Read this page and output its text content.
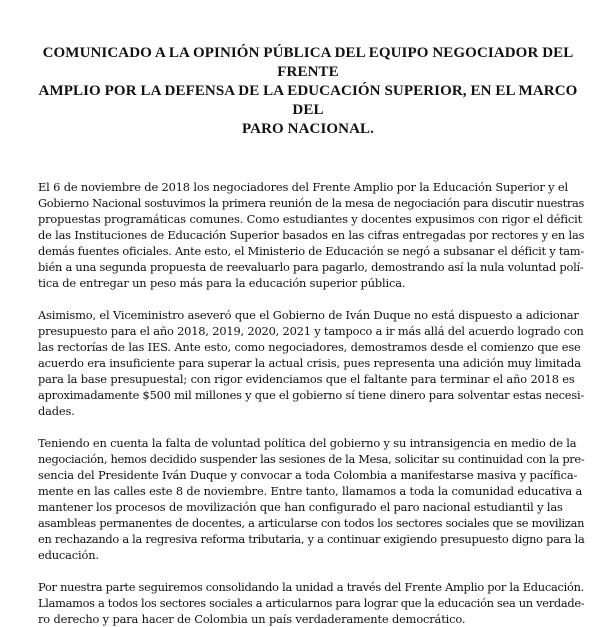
COMUNICADO A LA OPINIÓN PÚBLICA DEL EQUIPO NEGOCIADOR DEL FRENTE
AMPLIO POR LA DEFENSA DE LA EDUCACIÓN SUPERIOR, EN EL MARCO DEL
PARO NACIONAL.
El 6 de noviembre de 2018 los negociadores del Frente Amplio por la Educación Superior y el
Gobierno Nacional sostuvimos la primera reunión de la mesa de negociación para discutir nuestras
propuestas programáticas comunes. Como estudiantes y docentes expusimos con rigor el déficit
de las Instituciones de Educación Superior basados en las cifras entregadas por rectores y en las
demás fuentes oficiales. Ante esto, el Ministerio de Educación se negó a subsanar el déficit y tam-
bién a una segunda propuesta de reevaluarlo para pagarlo, demostrando así la nula voluntad polí-
tica de entregar un peso más para la educación superior pública.
Asimismo, el Viceministro aseveró que el Gobierno de Iván Duque no está dispuesto a adicionar
presupuesto para el año 2018, 2019, 2020, 2021 y tampoco a ir más allá del acuerdo logrado con
las rectorías de las IES. Ante esto, como negociadores, demostramos desde el comienzo que ese
acuerdo era insuficiente para superar la actual crisis, pues representa una adición muy limitada
para la base presupuestal; con rigor evidenciamos que el faltante para terminar el año 2018 es
aproximadamente $500 mil millones y que el gobierno sí tiene dinero para solventar estas necesi-
dades.
Teniendo en cuenta la falta de voluntad política del gobierno y su intransigencia en medio de la
negociación, hemos decidido suspender las sesiones de la Mesa, solicitar su continuidad con la pre-
sencia del Presidente Iván Duque y convocar a toda Colombia a manifestarse masiva y pacífica-
mente en las calles este 8 de noviembre. Entre tanto, llamamos a toda la comunidad educativa a
mantener los procesos de movilización que han configurado el paro nacional estudiantil y las
asambleas permanentes de docentes, a articularse con todos los sectores sociales que se movilizan
en rechazando a la regresiva reforma tributaria, y a continuar exigiendo presupuesto digno para la
educación.
Por nuestra parte seguiremos consolidando la unidad a través del Frente Amplio por la Educación.
Llamamos a todos los sectores sociales a articularnos para lograr que la educación sea un verdade-
ro derecho y para hacer de Colombia un país verdaderamente democrático.
